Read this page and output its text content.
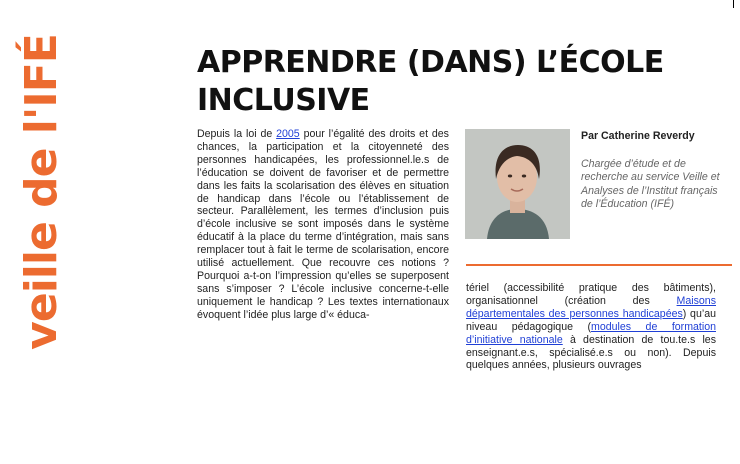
veille de l'IFÉ	APPRENDRE (DANS) L’ÉCOLE INCLUSIVE

Depuis la loi de 2005 pour l’égalité des droits et des chances, la participation et la citoyenneté des personnes handicapées, les professionnel.le.s de l’éducation se doivent de favoriser et de permettre dans les faits la scolarisation des élèves en situation de handicap dans l’école ou l’établissement de secteur. Parallèlement, les termes d’inclusion puis d’école inclusive se sont imposés dans le système éducatif à la place du terme d’intégration, mais sans remplacer tout à fait le terme de scolarisation, encore utilisé actuellement. Que recouvre ces notions ? Pourquoi a-t-on l’impression qu’elles se superposent sans s’imposer ? L’école inclusive concerne-t-elle uniquement le handicap ? Les textes internationaux évoquent l’idée plus large d’« éduca-

Par Catherine Reverdy
Chargée d’étude et de recherche au service Veille et Analyses de l’Institut français de l’Éducation (IFÉ)

tériel (accessibilité pratique des bâtiments), organisationnel (création des Maisons départementales des personnes handicapées) qu’au niveau pédagogique (modules de formation d’initiative nationale à destination de tou.te.s les enseignant.e.s, spécialisé.e.s ou non). Depuis quelques années, plusieurs ouvrages
